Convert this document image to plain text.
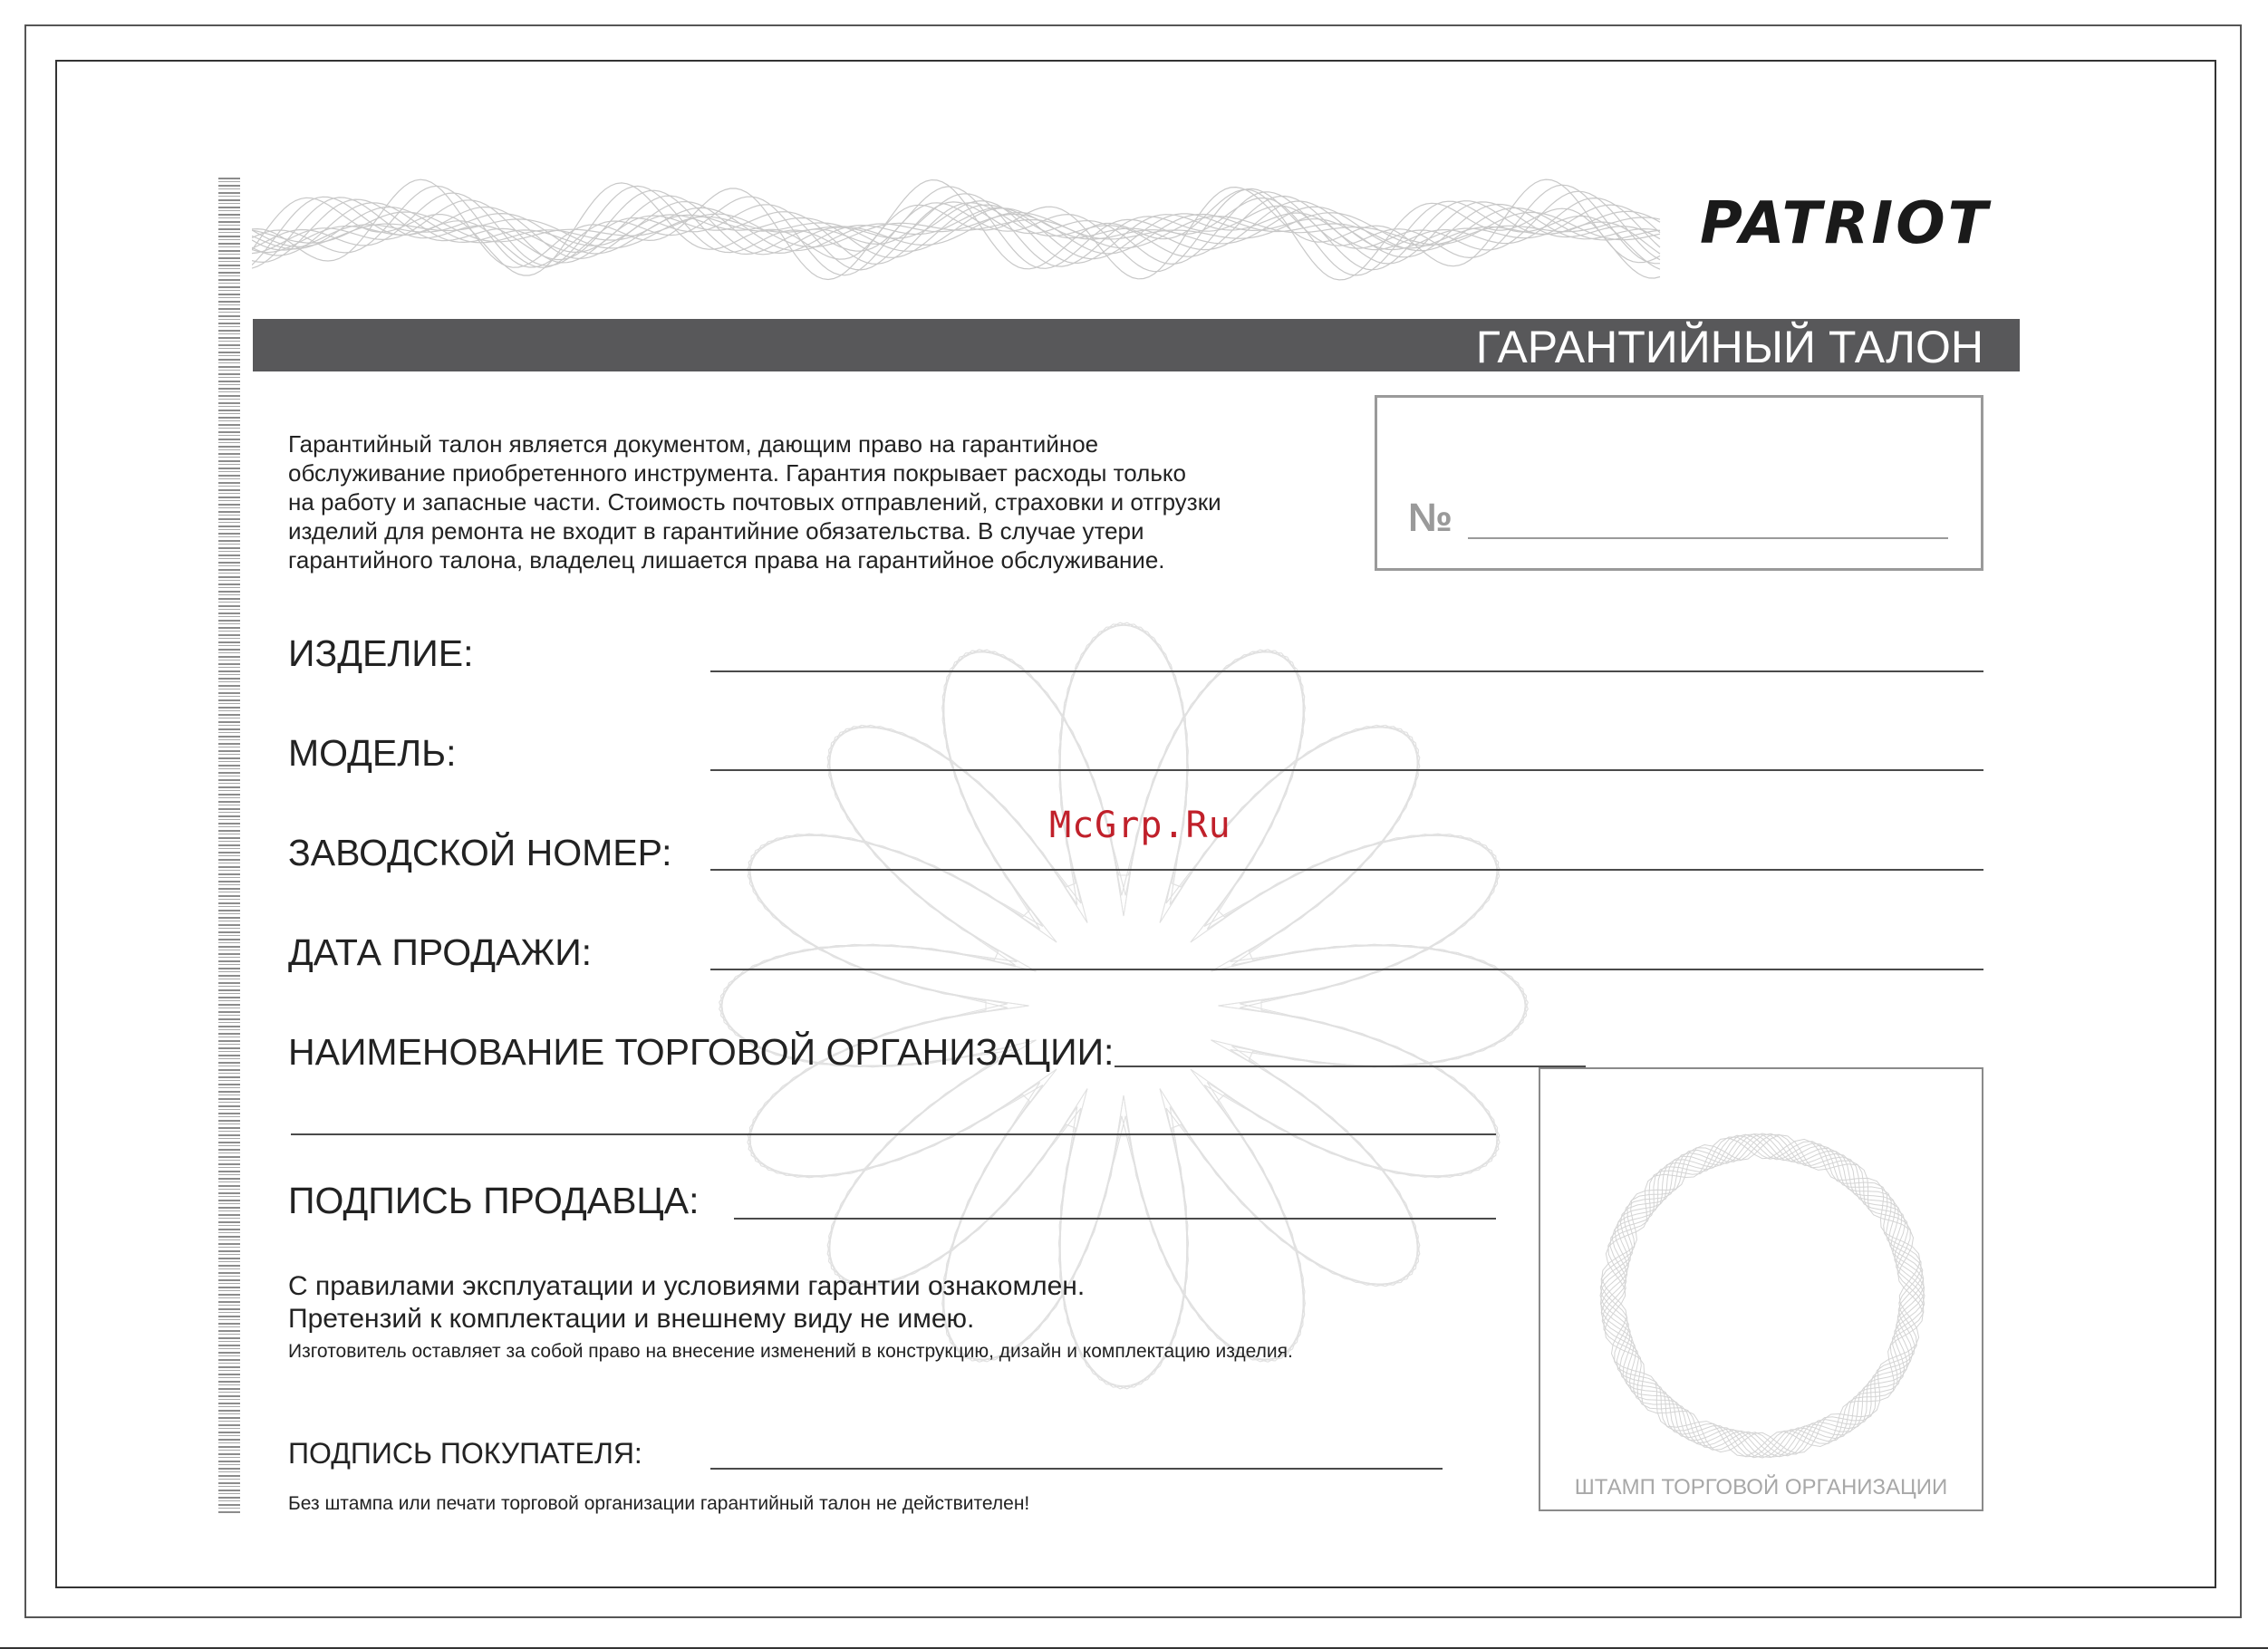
PATRIOT
ГАРАНТИЙНЫЙ ТАЛОН
№
Гарантийный талон является документом, дающим право на гарантийное
обслуживание приобретенного инструмента. Гарантия покрывает расходы только
на работу и запасные части. Стоимость почтовых отправлений, страховки и отгрузки
изделий для ремонта не входит в гарантийние обязательства. В случае утери
гарантийного талона, владелец лишается права на гарантийное обслуживание.
McGrp.Ru
ИЗДЕЛИЕ:
МОДЕЛЬ:
ЗАВОДСКОЙ НОМЕР:
ДАТА ПРОДАЖИ:
НАИМЕНОВАНИЕ ТОРГОВОЙ ОРГАНИЗАЦИИ:
ПОДПИСЬ ПРОДАВЦА:
С правилами эксплуатации и условиями гарантии ознакомлен.
Претензий к комплектации и внешнему виду не имею.
Изготовитель оставляет за собой право на внесение изменений в конструкцию, дизайн и комплектацию изделия.
ПОДПИСЬ ПОКУПАТЕЛЯ:
Без штампа или печати торговой организации гарантийный талон не действителен!
ШТАМП ТОРГОВОЙ ОРГАНИЗАЦИИ
